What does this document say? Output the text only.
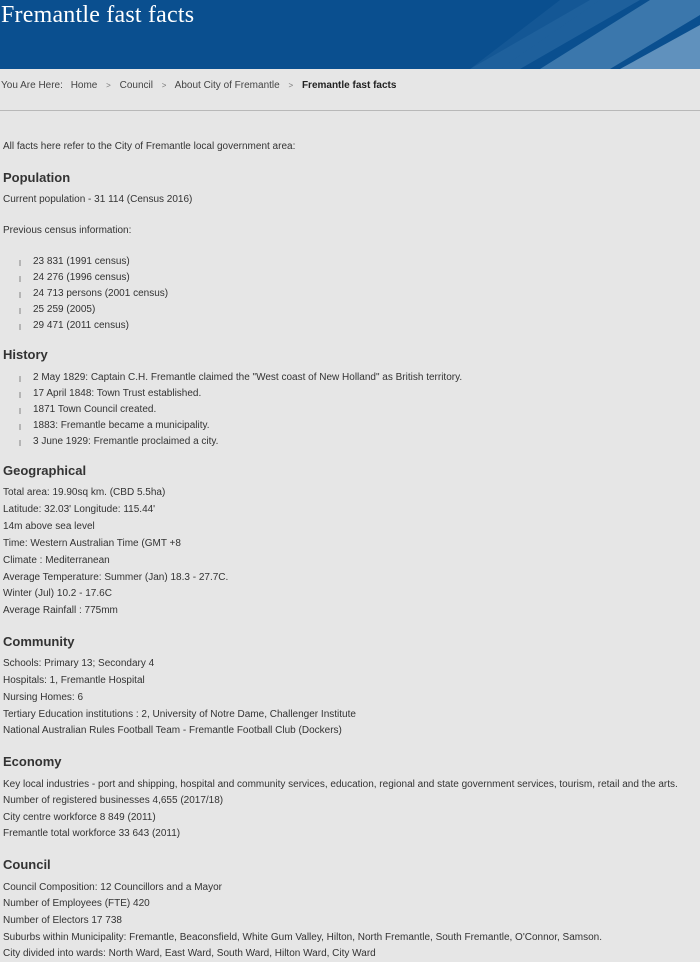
Fremantle fast facts
You Are Here: Home > Council > About City of Fremantle > Fremantle fast facts
All facts here refer to the City of Fremantle local government area:
Population
Current population - 31 114 (Census 2016)
Previous census information:
23 831 (1991 census)
24 276 (1996 census)
24 713 persons (2001 census)
25 259 (2005)
29 471 (2011 census)
History
2 May 1829: Captain C.H. Fremantle claimed the "West coast of New Holland" as British territory.
17 April 1848: Town Trust established.
1871 Town Council created.
1883: Fremantle became a municipality.
3 June 1929: Fremantle proclaimed a city.
Geographical
Total area: 19.90sq km. (CBD 5.5ha)
Latitude: 32.03' Longitude: 115.44'
14m above sea level
Time: Western Australian Time (GMT +8
Climate : Mediterranean
Average Temperature: Summer (Jan) 18.3 - 27.7C.
Winter (Jul) 10.2 - 17.6C
Average Rainfall : 775mm
Community
Schools: Primary 13; Secondary 4
Hospitals: 1, Fremantle Hospital
Nursing Homes: 6
Tertiary Education institutions : 2, University of Notre Dame, Challenger Institute
National Australian Rules Football Team - Fremantle Football Club (Dockers)
Economy
Key local industries - port and shipping, hospital and community services, education, regional and state government services, tourism, retail and the arts.
Number of registered businesses 4,655 (2017/18)
City centre workforce 8 849 (2011)
Fremantle total workforce 33 643 (2011)
Council
Council Composition: 12 Councillors and a Mayor
Number of Employees (FTE) 420
Number of Electors 17 738
Suburbs within Municipality: Fremantle, Beaconsfield, White Gum Valley, Hilton, North Fremantle, South Fremantle, O'Connor, Samson.
City divided into wards: North Ward, East Ward, South Ward, Hilton Ward, City Ward
